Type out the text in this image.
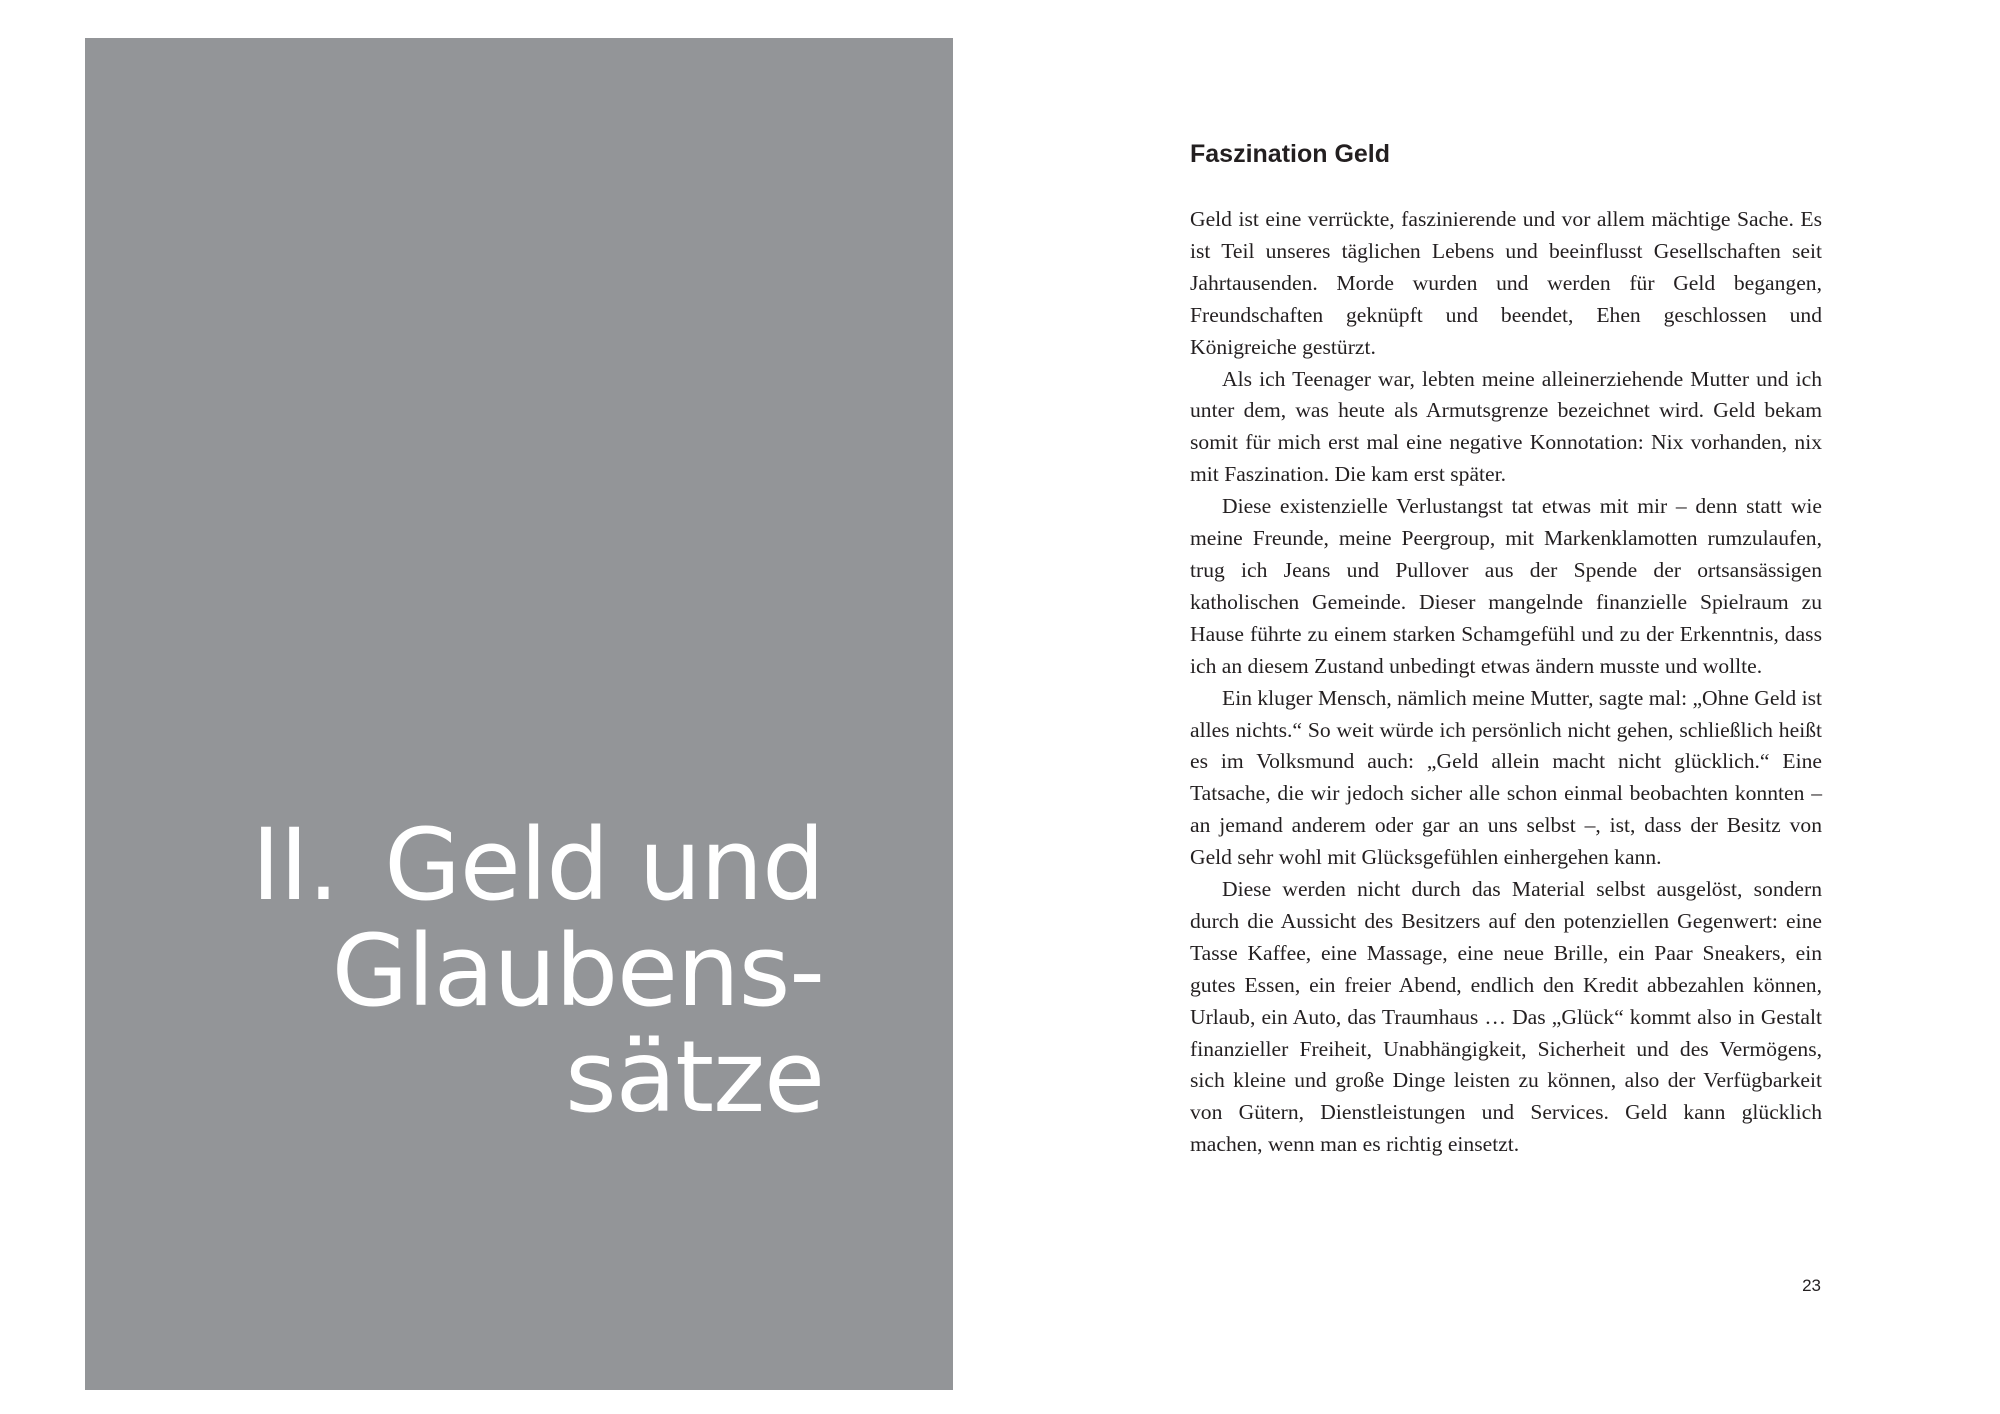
II. Geld und
Glaubens-
sätze
Faszination Geld

Geld ist eine verrückte, faszinierende und vor allem mächtige Sache. Es ist Teil unseres täglichen Lebens und beeinflusst Gesellschaften seit Jahrtausenden. Morde wurden und werden für Geld begangen, Freundschaften geknüpft und beendet, Ehen geschlossen und Königreiche gestürzt.

Als ich Teenager war, lebten meine alleinerziehende Mutter und ich unter dem, was heute als Armutsgrenze bezeichnet wird. Geld bekam somit für mich erst mal eine negative Konnotation: Nix vorhanden, nix mit Faszination. Die kam erst später.

Diese existenzielle Verlustangst tat etwas mit mir – denn statt wie meine Freunde, meine Peergroup, mit Markenklamotten rumzulaufen, trug ich Jeans und Pullover aus der Spende der ortsansässigen katholischen Gemeinde. Dieser mangelnde finanzielle Spielraum zu Hause führte zu einem starken Schamgefühl und zu der Erkenntnis, dass ich an diesem Zustand unbedingt etwas ändern musste und wollte.

Ein kluger Mensch, nämlich meine Mutter, sagte mal: „Ohne Geld ist alles nichts.“ So weit würde ich persönlich nicht gehen, schließlich heißt es im Volksmund auch: „Geld allein macht nicht glücklich.“ Eine Tatsache, die wir jedoch sicher alle schon einmal beobachten konnten – an jemand anderem oder gar an uns selbst –, ist, dass der Besitz von Geld sehr wohl mit Glücksgefühlen einhergehen kann.

Diese werden nicht durch das Material selbst ausgelöst, sondern durch die Aussicht des Besitzers auf den potenziellen Gegenwert: eine Tasse Kaffee, eine Massage, eine neue Brille, ein Paar Sneakers, ein gutes Essen, ein freier Abend, endlich den Kredit abbezahlen können, Urlaub, ein Auto, das Traumhaus … Das „Glück“ kommt also in Gestalt finanzieller Freiheit, Unabhängigkeit, Sicherheit und des Vermögens, sich kleine und große Dinge leisten zu können, also der Verfügbarkeit von Gütern, Dienstleistungen und Services. Geld kann glücklich machen, wenn man es richtig einsetzt.

23
